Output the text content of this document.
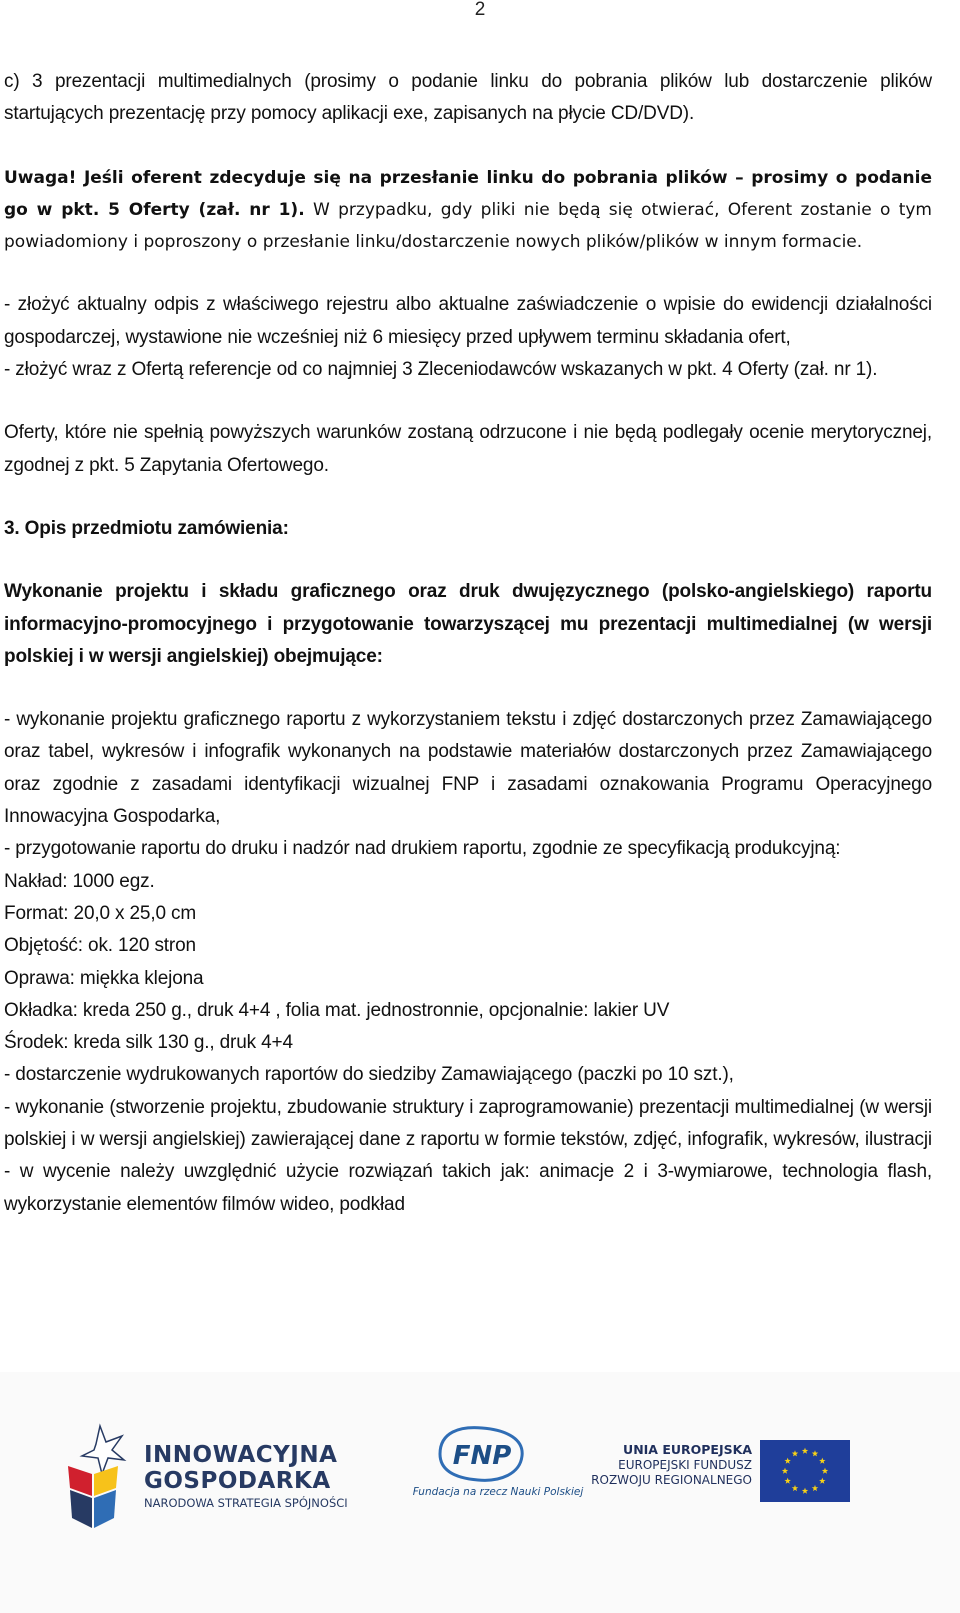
2

c) 3 prezentacji multimedialnych (prosimy o podanie linku do pobrania plików lub dostarczenie plików startujących prezentację przy pomocy aplikacji exe, zapisanych na płycie CD/DVD).

Uwaga! Jeśli oferent zdecyduje się na przesłanie linku do pobrania plików – prosimy o podanie go w pkt. 5 Oferty (zał. nr 1). W przypadku, gdy pliki nie będą się otwierać, Oferent zostanie o tym powiadomiony i poproszony o przesłanie linku/dostarczenie nowych plików/plików w innym formacie.

- złożyć aktualny odpis z właściwego rejestru albo aktualne zaświadczenie o wpisie do ewidencji działalności gospodarczej, wystawione nie wcześniej niż 6 miesięcy przed upływem terminu składania ofert,

- złożyć wraz z Ofertą referencje od co najmniej 3 Zleceniodawców wskazanych w pkt. 4 Oferty (zał. nr 1).

Oferty, które nie spełnią powyższych warunków zostaną odrzucone i nie będą podlegały ocenie merytorycznej, zgodnej z pkt. 5 Zapytania Ofertowego.

3. Opis przedmiotu zamówienia:

Wykonanie projektu i składu graficznego oraz druk dwujęzycznego (polsko-angielskiego) raportu informacyjno-promocyjnego i przygotowanie towarzyszącej mu prezentacji multimedialnej (w wersji polskiej i w wersji angielskiej) obejmujące:

- wykonanie projektu graficznego raportu z wykorzystaniem tekstu i zdjęć dostarczonych przez Zamawiającego oraz tabel, wykresów i infografik wykonanych na podstawie materiałów dostarczonych przez Zamawiającego oraz zgodnie z zasadami identyfikacji wizualnej FNP i zasadami oznakowania Programu Operacyjnego Innowacyjna Gospodarka,

- przygotowanie raportu do druku i nadzór nad drukiem raportu, zgodnie ze specyfikacją produkcyjną:

Nakład: 1000 egz.

Format: 20,0 x 25,0 cm

Objętość: ok. 120 stron

Oprawa: miękka klejona

Okładka: kreda 250 g., druk 4+4 , folia mat. jednostronnie, opcjonalnie: lakier UV

Środek: kreda silk 130 g., druk 4+4

- dostarczenie wydrukowanych raportów do siedziby Zamawiającego (paczki po 10 szt.),

- wykonanie (stworzenie projektu, zbudowanie struktury i zaprogramowanie) prezentacji multimedialnej (w wersji polskiej i w wersji angielskiej) zawierającej dane z raportu w formie tekstów, zdjęć, infografik, wykresów, ilustracji - w wycenie należy uwzględnić użycie rozwiązań takich jak: animacje 2 i 3-wymiarowe, technologia flash, wykorzystanie elementów filmów wideo, podkład

INNOWACYJNA
GOSPODARKA
NARODOWA STRATEGIA SPÓJNOŚCI
FNP
Fundacja na rzecz Nauki Polskiej
UNIA EUROPEJSKA
EUROPEJSKI FUNDUSZ
ROZWOJU REGIONALNEGO
